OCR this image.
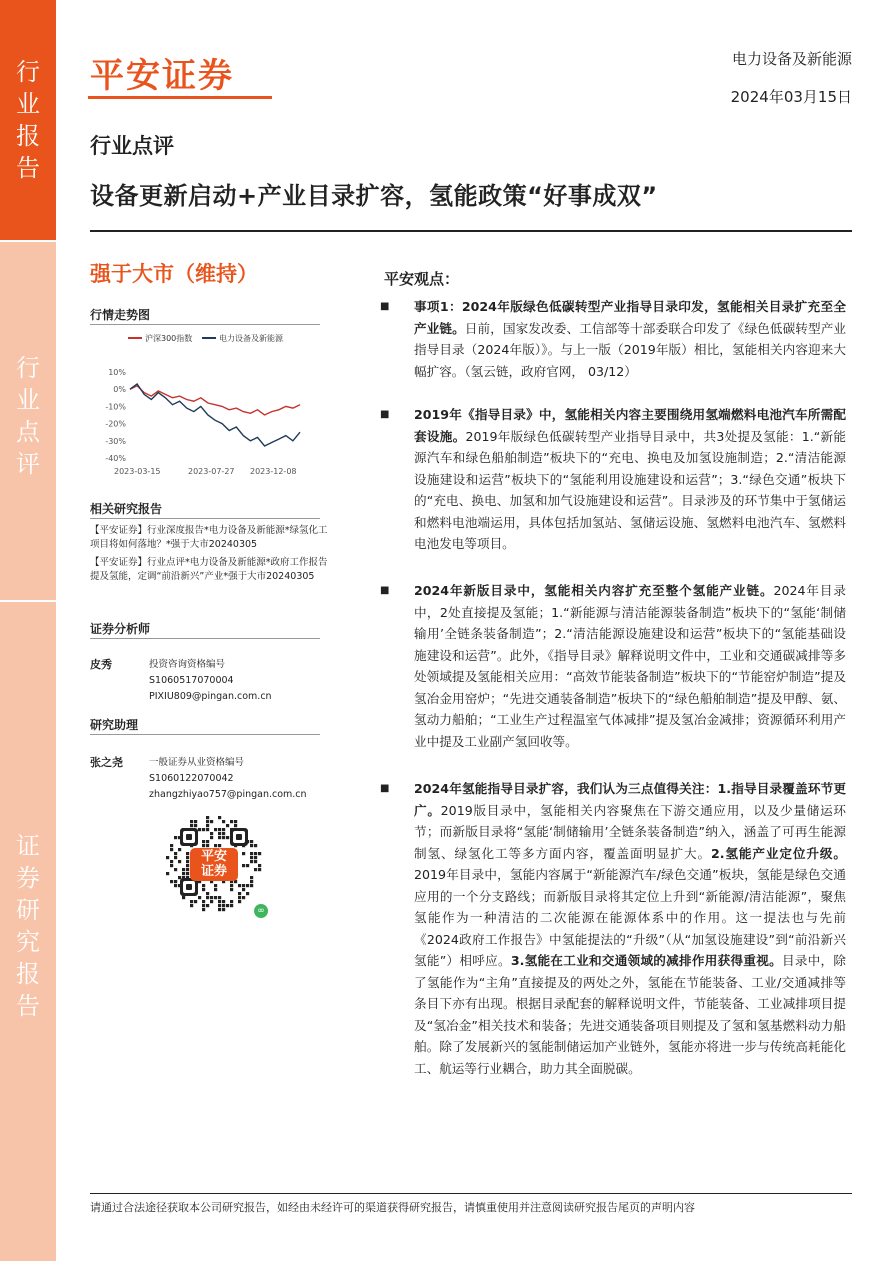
行业报告
行业点评
证券研究报告
平安证券	电力设备及新能源
2024年03月15日
行业点评
设备更新启动+产业目录扩容，氢能政策“好事成双”
强于大市（维持）
行情走势图
沪深300指数	电力设备及新能源
10%
0%
-10%
-20%
-30%
-40%
2023-03-15	2023-07-27 2023-12-08
相关研究报告
【平安证券】行业深度报告*电力设备及新能源*绿氢化工项目将如何落地？*强于大市20240305
【平安证券】行业点评*电力设备及新能源*政府工作报告提及氢能，定调“前沿新兴”产业*强于大市20240305
证券分析师
皮秀	投资咨询资格编号
S1060517070004
PIXIU809@pingan.com.cn
研究助理
张之尧	一般证券从业资格编号
S1060122070042
zhangzhiyao757@pingan.com.cn
平安证券
∞
平安观点：
■	事项1：2024年版绿色低碳转型产业指导目录印发，氢能相关目录扩充至全产业链。日前，国家发改委、工信部等十部委联合印发了《绿色低碳转型产业指导目录（2024年版）》。与上一版（2019年版）相比，氢能相关内容迎来大幅扩容。（氢云链，政府官网， 03/12）
■	2019年《指导目录》中，氢能相关内容主要围绕用氢端燃料电池汽车所需配套设施。2019年版绿色低碳转型产业指导目录中，共3处提及氢能：1.“新能源汽车和绿色船舶制造”板块下的“充电、换电及加氢设施制造；2.“清洁能源设施建设和运营”板块下的“氢能利用设施建设和运营”；3.“绿色交通”板块下的“充电、换电、加氢和加气设施建设和运营”。目录涉及的环节集中于氢储运和燃料电池端运用，具体包括加氢站、氢储运设施、氢燃料电池汽车、氢燃料电池发电等项目。
■	2024年新版目录中，氢能相关内容扩充至整个氢能产业链。2024年目录中，2处直接提及氢能；1.“新能源与清洁能源装备制造”板块下的“氢能‘制储输用’全链条装备制造”；2.“清洁能源设施建设和运营”板块下的“氢能基础设施建设和运营”。此外，《指导目录》解释说明文件中，工业和交通碳减排等多处领域提及氢能相关应用：“高效节能装备制造”板块下的“节能窑炉制造”提及氢冶金用窑炉；“先进交通装备制造”板块下的“绿色船舶制造”提及甲醇、氨、氢动力船舶；“工业生产过程温室气体减排”提及氢冶金减排；资源循环利用产业中提及工业副产氢回收等。
■	2024年氢能指导目录扩容，我们认为三点值得关注：1.指导目录覆盖环节更广。2019版目录中，氢能相关内容聚焦在下游交通应用，以及少量储运环节；而新版目录将“氢能‘制储输用’全链条装备制造”纳入，涵盖了可再生能源制氢、绿氢化工等多方面内容，覆盖面明显扩大。2.氢能产业定位升级。2019年目录中，氢能内容属于“新能源汽车/绿色交通”板块，氢能是绿色交通应用的一个分支路线；而新版目录将其定位上升到“新能源/清洁能源”，聚焦氢能作为一种清洁的二次能源在能源体系中的作用。这一提法也与先前《2024政府工作报告》中氢能提法的“升级”（从“加氢设施建设”到“前沿新兴氢能”）相呼应。3.氢能在工业和交通领域的减排作用获得重视。目录中，除了氢能作为“主角”直接提及的两处之外，氢能在节能装备、工业/交通减排等条目下亦有出现。根据目录配套的解释说明文件，节能装备、工业减排项目提及“氢冶金”相关技术和装备；先进交通装备项目则提及了氢和氢基燃料动力船舶。除了发展新兴的氢能制储运加产业链外，氢能亦将进一步与传统高耗能化工、航运等行业耦合，助力其全面脱碳。
请通过合法途径获取本公司研究报告，如经由未经许可的渠道获得研究报告，请慎重使用并注意阅读研究报告尾页的声明内容
